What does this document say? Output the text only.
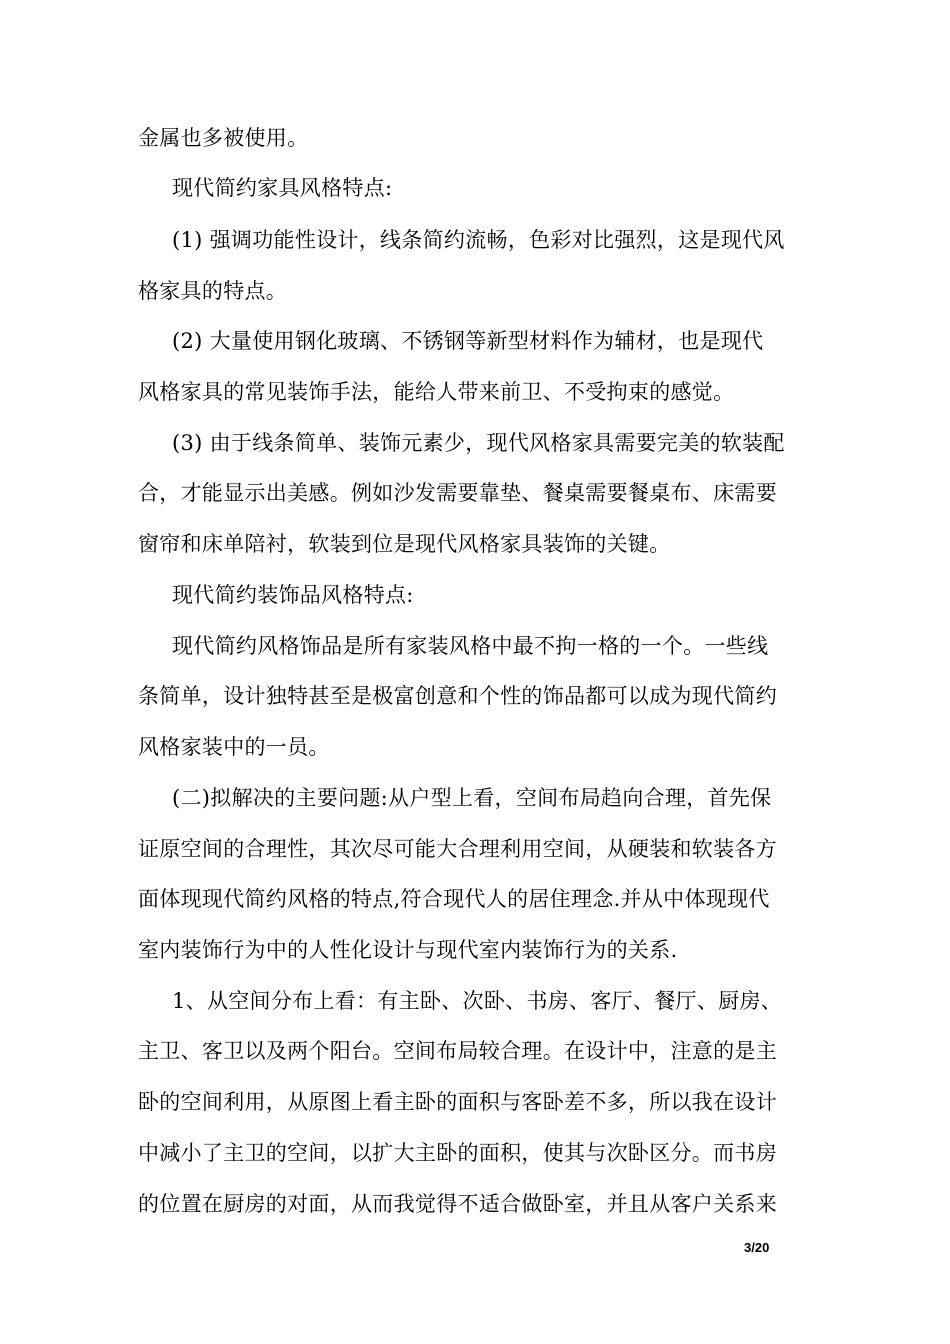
金属也多被使用。
现代简约家具风格特点:
(1) 强调功能性设计，线条简约流畅，色彩对比强烈，这是现代风
格家具的特点。
(2) 大量使用钢化玻璃、不锈钢等新型材料作为辅材，也是现代
风格家具的常见装饰手法，能给人带来前卫、不受拘束的感觉。
(3) 由于线条简单、装饰元素少，现代风格家具需要完美的软装配
合，才能显示出美感。例如沙发需要靠垫、餐桌需要餐桌布、床需要
窗帘和床单陪衬，软装到位是现代风格家具装饰的关键。
现代简约装饰品风格特点:
现代简约风格饰品是所有家装风格中最不拘一格的一个。一些线
条简单，设计独特甚至是极富创意和个性的饰品都可以成为现代简约
风格家装中的一员。
(二)拟解决的主要问题:从户型上看，空间布局趋向合理，首先保
证原空间的合理性，其次尽可能大合理利用空间，从硬装和软装各方
面体现现代简约风格的特点,符合现代人的居住理念.并从中体现现代
室内装饰行为中的人性化设计与现代室内装饰行为的关系.
1、从空间分布上看：有主卧、次卧、书房、客厅、餐厅、厨房、
主卫、客卫以及两个阳台。空间布局较合理。在设计中，注意的是主
卧的空间利用，从原图上看主卧的面积与客卧差不多，所以我在设计
中减小了主卫的空间，以扩大主卧的面积，使其与次卧区分。而书房
的位置在厨房的对面，从而我觉得不适合做卧室，并且从客户关系来
3/20
